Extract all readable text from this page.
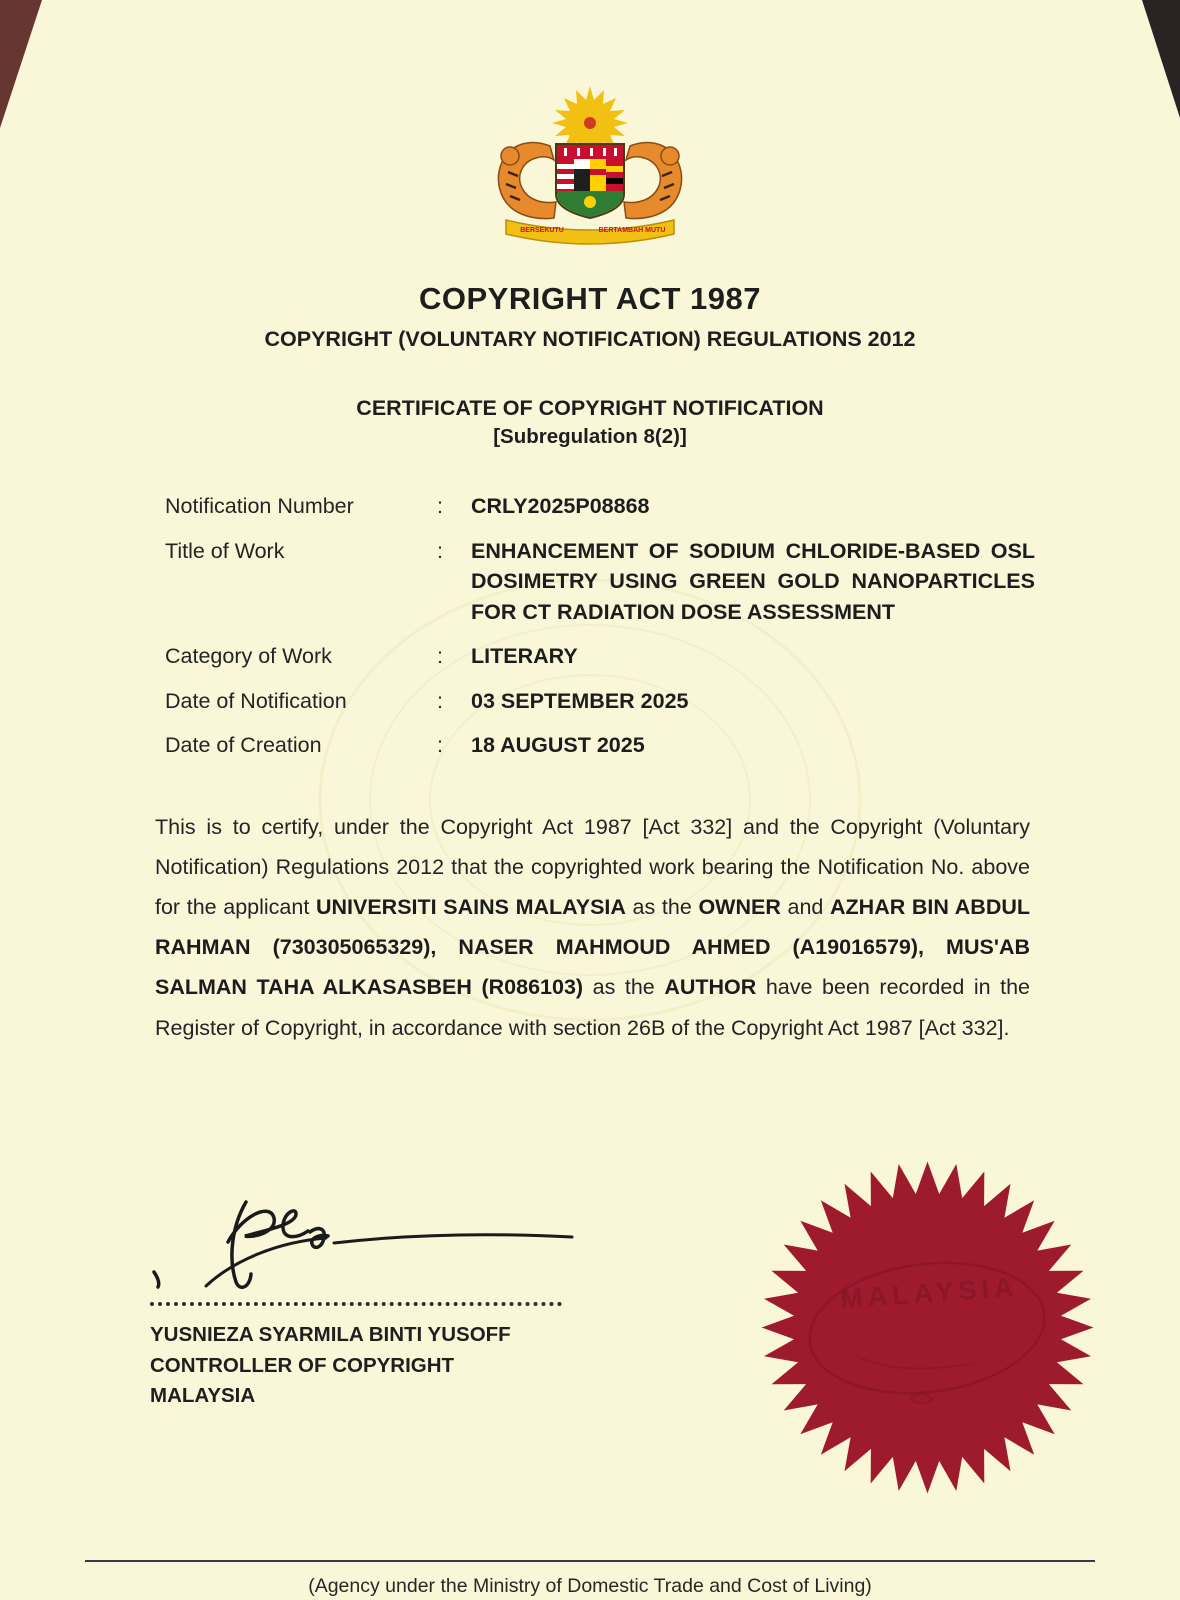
BERSEKUTU	BERTAMBAH MUTU
COPYRIGHT ACT 1987
COPYRIGHT (VOLUNTARY NOTIFICATION) REGULATIONS 2012
CERTIFICATE OF COPYRIGHT NOTIFICATION
[Subregulation 8(2)]
Notification Number	:	CRLY2025P08868
Title of Work	:	ENHANCEMENT OF SODIUM CHLORIDE-BASED OSL DOSIMETRY USING GREEN GOLD NANOPARTICLES FOR CT RADIATION DOSE ASSESSMENT
Category of Work	:	LITERARY
Date of Notification	:	03 SEPTEMBER 2025
Date of Creation	:	18 AUGUST 2025

This is to certify, under the Copyright Act 1987 [Act 332] and the Copyright (Voluntary Notification) Regulations 2012 that the copyrighted work bearing the Notification No. above for the applicant UNIVERSITI SAINS MALAYSIA as the OWNER and AZHAR BIN ABDUL RAHMAN (730305065329), NASER MAHMOUD AHMED (A19016579), MUS'AB SALMAN TAHA ALKASASBEH (R086103) as the AUTHOR have been recorded in the Register of Copyright, in accordance with section 26B of the Copyright Act 1987 [Act 332].

YUSNIEZA SYARMILA BINTI YUSOFF
CONTROLLER OF COPYRIGHT
MALAYSIA
MALAYSIA
(Agency under the Ministry of Domestic Trade and Cost of Living)
